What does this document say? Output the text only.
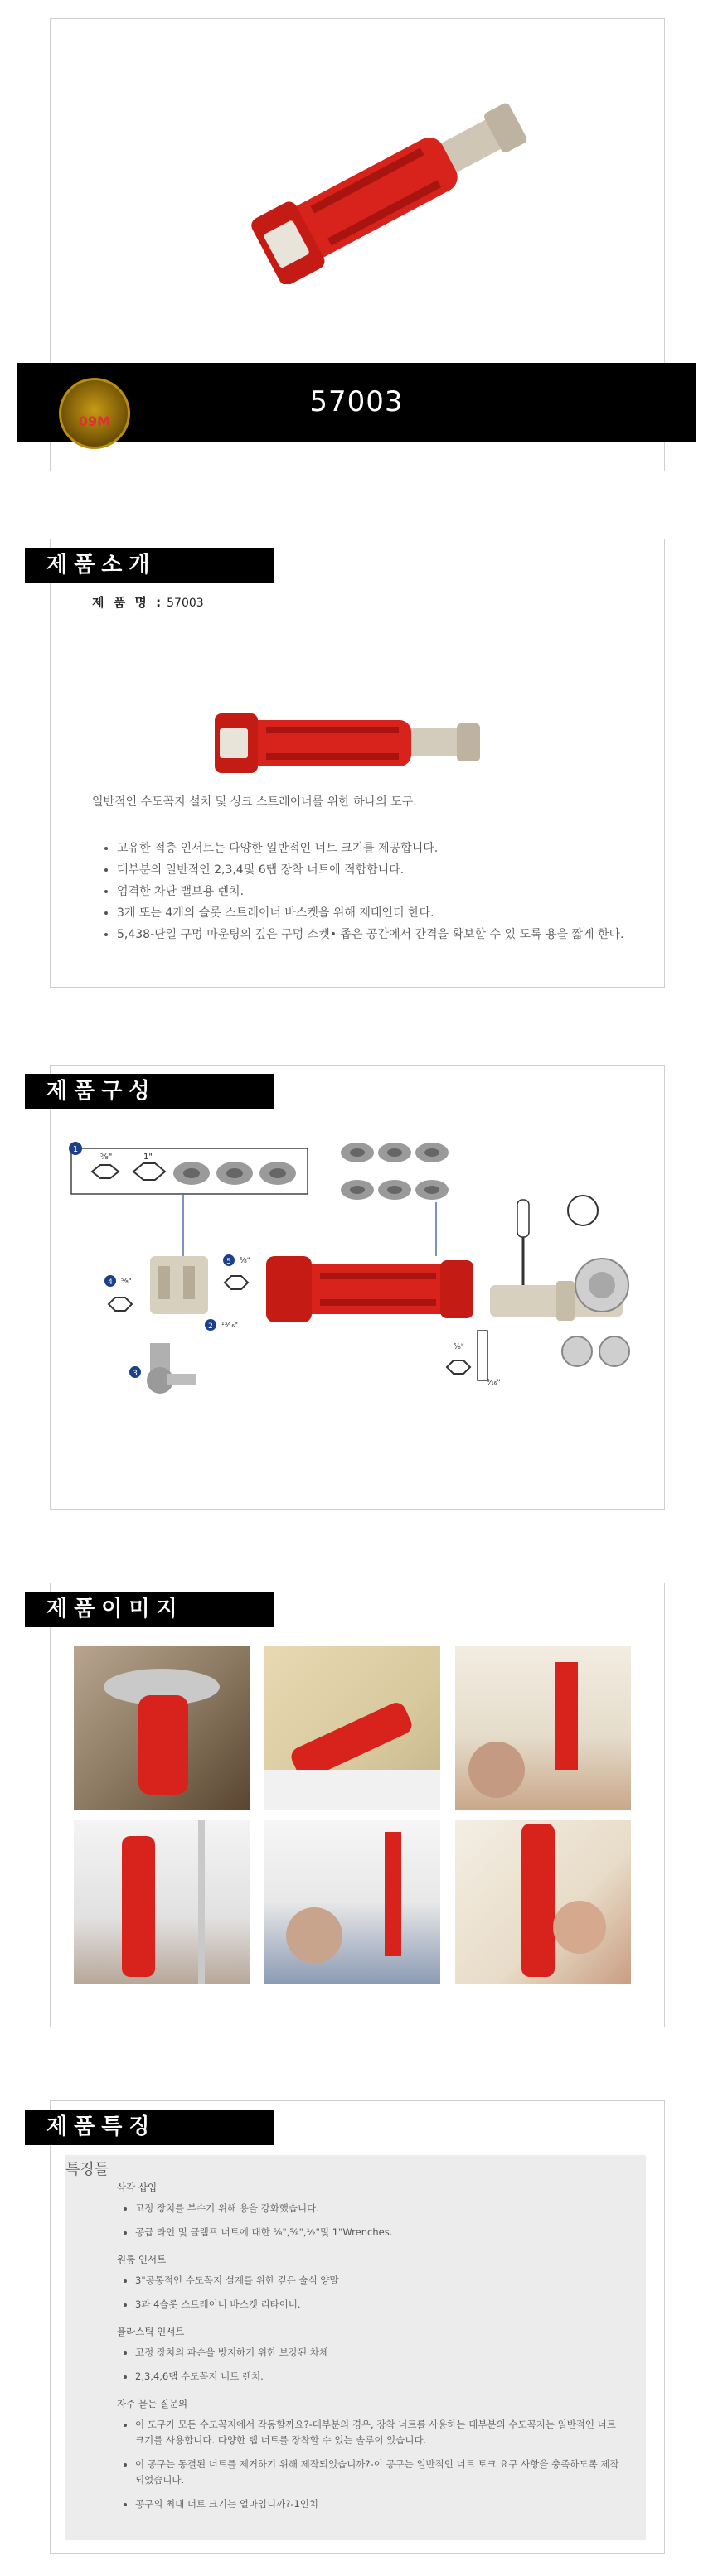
09M
57003
제품소개
제 품 명 : 57003
일반적인 수도꼭지 설치 및 싱크 스트레이너를 위한 하나의 도구.
• 고유한 적층 인서트는 다양한 일반적인 너트 크기를 제공합니다.
• 대부분의 일반적인 2,3,4및 6탭 장착 너트에 적합합니다.
• 엄격한 차단 밸브용 렌치.
• 3개 또는 4개의 슬롯 스트레이너 바스켓을 위해 재태인터 한다.
• 5,438-단일 구멍 마운팅의 깊은 구멍 소켓• 좁은 공간에서 간격을 확보할 수 있 도록 용을 짧게 한다.
제품구성
1
⁵⁄₈"	1"
4 ⁵⁄₈"
5 ⁵⁄₈"
2 ¹³⁄₁₆"
3
⁹⁄₁₆"
⁵⁄₈"
제품이미지
제품특징
특징들
삭각 삽입
• 고정 장치를 부수기 위해 용을 강화했습니다.
• 공급 라인 및 클램프 너트에 대한 ⁵⁄₈",⁵⁄₈",¹⁄₂"및 1"Wrenches.
원통 인서트
• 3"공통적인 수도꼭지 설계를 위한 깊은 술식 양말
• 3과 4슬롯 스트레이너 바스켓 리타이너.
플라스틱 인서트
• 고정 장치의 파손을 방지하기 위한 보강된 차체
• 2,3,4,6탭 수도꼭지 너트 렌치.
자주 묻는 질문의
• 이 도구가 모든 수도꼭지에서 작동할까요?-대부분의 경우, 장착 너트를 사용하는 대부분의 수도꼭지는 일반적인 너트 크기를 사용합니다. 다양한 탭 너트를 장착할 수 있는 솔루이 있습니다.
• 이 공구는 동결된 너트를 제거하기 위해 제작되었습니까?-이 공구는 일반적인 너트 토크 요구 사항을 충족하도록 제작되었습니다.
• 공구의 최대 너트 크기는 얼마입니까?-1인치
